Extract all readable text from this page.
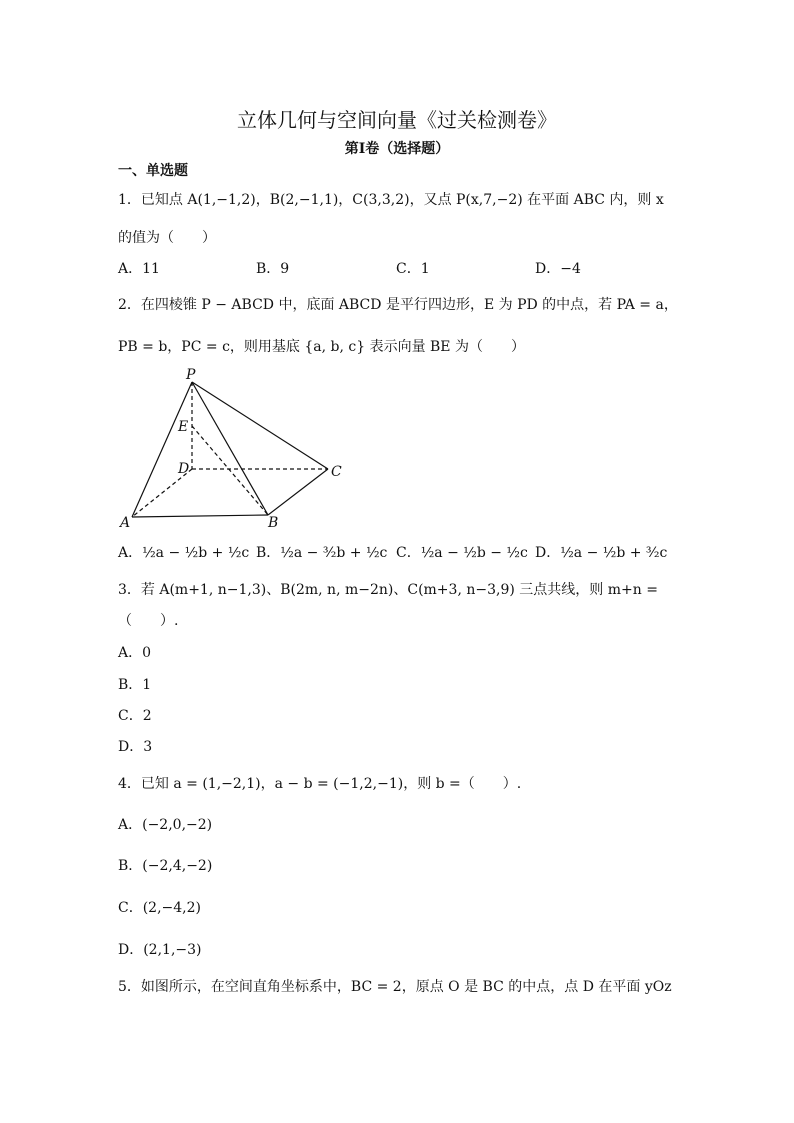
立体几何与空间向量《过关检测卷》
第I卷（选择题）
一、单选题
1．已知点 A(1,−1,2)，B(2,−1,1)，C(3,3,2)，又点 P(x,7,−2) 在平面 ABC 内，则 x
的值为（　　）
A．11	B．9	C．1	D．−4
2．在四棱锥 P − ABCD 中，底面 ABCD 是平行四边形，E 为 PD 的中点，若 PA = a，
PB = b，PC = c，则用基底 {a, b, c} 表示向量 BE 为（　　）
P
E
D	C
A	B
A．½a − ½b + ½c B．½a − ³⁄₂b + ½c C．½a − ½b − ½c D．½a − ½b + ³⁄₂c
3．若 A(m+1, n−1,3)、B(2m, n, m−2n)、C(m+3, n−3,9) 三点共线，则 m+n =
（　　）.
A．0
B．1
C．2
D．3
4．已知 a = (1,−2,1)，a − b = (−1,2,−1)，则 b =（　　）.
A．(−2,0,−2)
B．(−2,4,−2)
C．(2,−4,2)
D．(2,1,−3)
5．如图所示，在空间直角坐标系中，BC = 2，原点 O 是 BC 的中点，点 D 在平面 yOz
